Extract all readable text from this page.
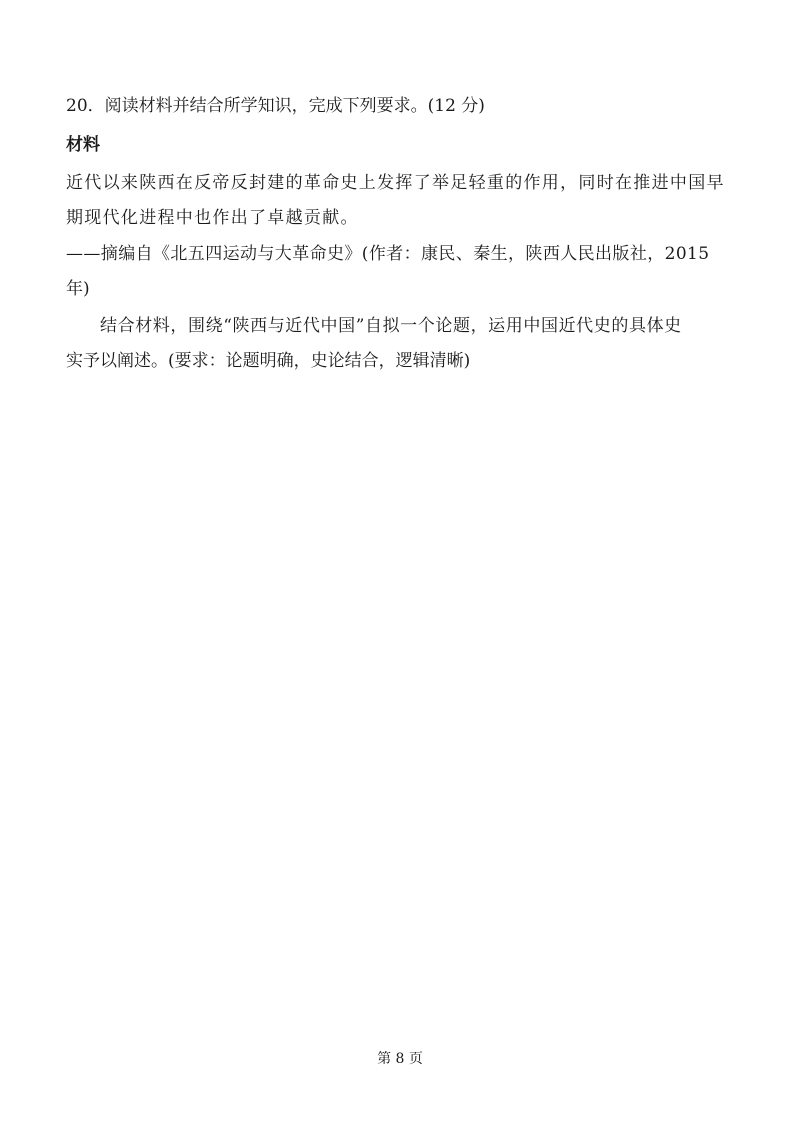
20．阅读材料并结合所学知识，完成下列要求。(12 分)
材料
近代以来陕西在反帝反封建的革命史上发挥了举足轻重的作用，同时在推进中国早
期现代化进程中也作出了卓越贡献。
——摘编自《北五四运动与大革命史》(作者：康民、秦生，陕西人民出版社，2015
年)
结合材料，围绕“陕西与近代中国”自拟一个论题，运用中国近代史的具体史
实予以阐述。(要求：论题明确，史论结合，逻辑清晰)
第 8 页
